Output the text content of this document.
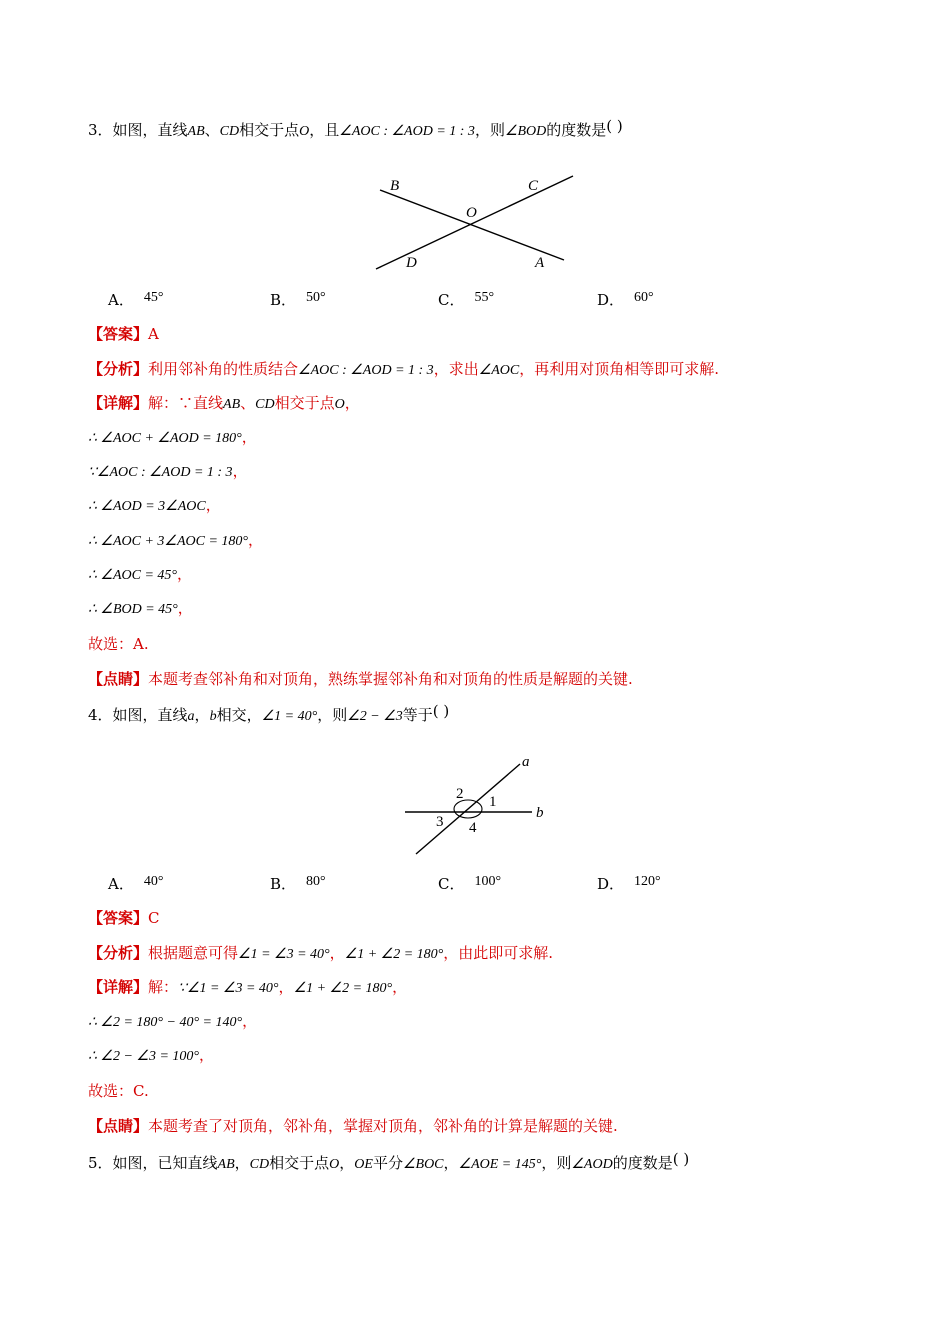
3．如图，直线AB、CD相交于点O，且∠AOC : ∠AOD = 1 : 3，则∠BOD的度数是( )
B	C
O
D	A
A． 45°	B． 50°	C． 55°	D． 60°
【答案】A
【分析】利用邻补角的性质结合∠AOC : ∠AOD = 1 : 3，求出∠AOC，再利用对顶角相等即可求解.
【详解】解：∵直线AB、CD相交于点O，
∴ ∠AOC + ∠AOD = 180°，
∵∠AOC : ∠AOD = 1 : 3，
∴ ∠AOD = 3∠AOC，
∴ ∠AOC + 3∠AOC = 180°，
∴ ∠AOC = 45°，
∴ ∠BOD = 45°，
故选：A.
【点睛】本题考查邻补角和对顶角，熟练掌握邻补角和对顶角的性质是解题的关键.
4．如图，直线a，b相交，∠1 = 40°，则∠2 − ∠3等于( )
a
b
1
2
3 4
A． 40°	B． 80°	C． 100°	D． 120°
【答案】C
【分析】根据题意可得∠1 = ∠3 = 40°，∠1 + ∠2 = 180°，由此即可求解.
【详解】解：∵∠1 = ∠3 = 40°，∠1 + ∠2 = 180°，
∴ ∠2 = 180° − 40° = 140°，
∴ ∠2 − ∠3 = 100°，
故选：C.
【点睛】本题考查了对顶角，邻补角，掌握对顶角，邻补角的计算是解题的关键.
5．如图，已知直线AB，CD相交于点O，OE平分∠BOC，∠AOE = 145°，则∠AOD的度数是( )
